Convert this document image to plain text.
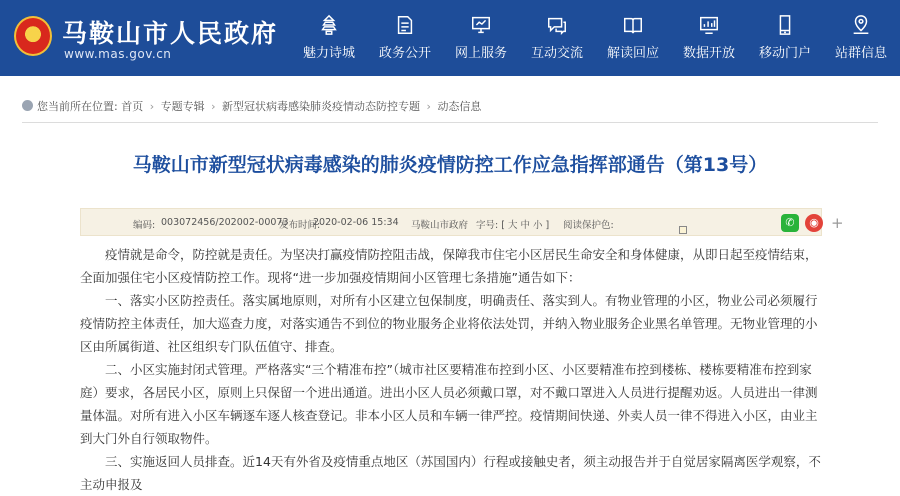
★
马鞍山市人民政府
www.mas.gov.cn	魅力诗城	政务公开	网上服务	互动交流	解读回应	数据开放	移动门户	站群信息
您当前所在位置: 首页 › 专题专辑 › 新型冠状病毒感染肺炎疫情动态防控专题 › 动态信息
马鞍山市新型冠状病毒感染的肺炎疫情防控工作应急指挥部通告（第13号）
编码: 003072456/202002-00073
发布时间:
2020-02-06 15:34 马鞍山市政府 字号: [ 大 中 小 ] 阅读保护色:	✆	◉ +

疫情就是命令，防控就是责任。为坚决打赢疫情防控阻击战，保障我市住宅小区居民生命安全和身体健康，从即日起至疫情结束，全面加强住宅小区疫情防控工作。现将“进一步加强疫情期间小区管理七条措施”通告如下：

一、落实小区防控责任。落实属地原则，对所有小区建立包保制度，明确责任、落实到人。有物业管理的小区，物业公司必须履行疫情防控主体责任，加大巡查力度，对落实通告不到位的物业服务企业将依法处罚，并纳入物业服务企业黑名单管理。无物业管理的小区由所属街道、社区组织专门队伍值守、排查。

二、小区实施封闭式管理。严格落实“三个精准布控”（城市社区要精准布控到小区、小区要精准布控到楼栋、楼栋要精准布控到家庭）要求，各居民小区，原则上只保留一个进出通道。进出小区人员必须戴口罩，对不戴口罩进入人员进行提醒劝返。人员进出一律测量体温。对所有进入小区车辆逐车逐人核查登记。非本小区人员和车辆一律严控。疫情期间快递、外卖人员一律不得进入小区，由业主到大门外自行领取物件。

三、实施返回人员排查。近14天有外省及疫情重点地区（苏国国内）行程或接触史者，须主动报告并于自觉居家隔离医学观察，不主动申报及
